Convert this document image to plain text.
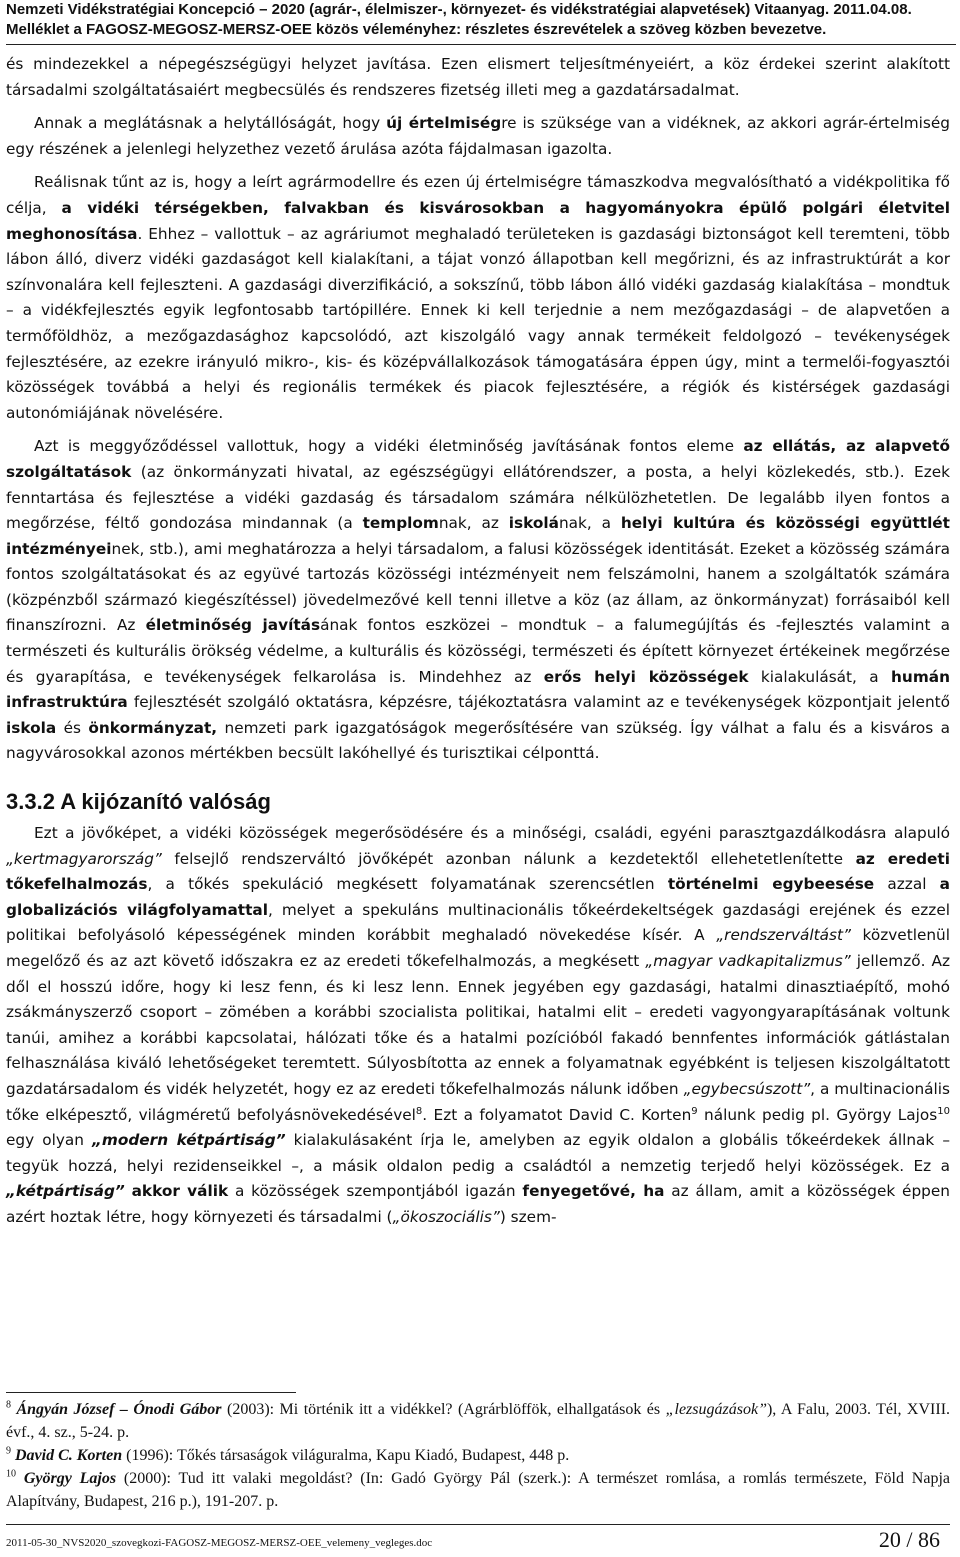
Nemzeti Vidékstratégiai Koncepció – 2020 (agrár-, élelmiszer-, környezet- és vidékstratégiai alapvetések) Vitaanyag. 2011.04.08.
Melléklet a FAGOSZ-MEGOSZ-MERSZ-OEE közös véleményhez: részletes észrevételek a szöveg közben bevezetve.

és mindezekkel a népegészségügyi helyzet javítása. Ezen elismert teljesítményeiért, a köz érdekei szerint alakított társadalmi szolgáltatásaiért megbecsülés és rendszeres fizetség illeti meg a gazdatársadalmat.

Annak a meglátásnak a helytállóságát, hogy új értelmiségre is szüksége van a vidéknek, az akkori agrár-értelmiség egy részének a jelenlegi helyzethez vezető árulása azóta fájdalmasan igazolta.

Reálisnak tűnt az is, hogy a leírt agrármodellre és ezen új értelmiségre támaszkodva megvalósítható a vidékpolitika fő célja, a vidéki térségekben, falvakban és kisvárosokban a hagyományokra épülő polgári életvitel meghonosítása. Ehhez – vallottuk – az agráriumot meghaladó területeken is gazdasági biztonságot kell teremteni, több lábon álló, diverz vidéki gazdaságot kell kialakítani, a tájat vonzó állapotban kell megőrizni, és az infrastruktúrát a kor színvonalára kell fejleszteni. A gazdasági diverzifikáció, a sokszínű, több lábon álló vidéki gazdaság kialakítása – mondtuk – a vidékfejlesztés egyik legfontosabb tartópillére. Ennek ki kell terjednie a nem mezőgazdasági – de alapvetően a termőföldhöz, a mezőgazdasághoz kapcsolódó, azt kiszolgáló vagy annak termékeit feldolgozó – tevékenységek fejlesztésére, az ezekre irányuló mikro-, kis- és középvállalkozások támogatására éppen úgy, mint a termelői-fogyasztói közösségek továbbá a helyi és regionális termékek és piacok fejlesztésére, a régiók és kistérségek gazdasági autonómiájának növelésére.

Azt is meggyőződéssel vallottuk, hogy a vidéki életminőség javításának fontos eleme az ellátás, az alapvető szolgáltatások (az önkormányzati hivatal, az egészségügyi ellátórendszer, a posta, a helyi közlekedés, stb.). Ezek fenntartása és fejlesztése a vidéki gazdaság és társadalom számára nélkülözhetetlen. De legalább ilyen fontos a megőrzése, féltő gondozása mindannak (a templomnak, az iskolának, a helyi kultúra és közösségi együttlét intézményeinek, stb.), ami meghatározza a helyi társadalom, a falusi közösségek identitását. Ezeket a közösség számára fontos szolgáltatásokat és az együvé tartozás közösségi intézményeit nem felszámolni, hanem a szolgáltatók számára (közpénzből származó kiegészítéssel) jövedelmezővé kell tenni illetve a köz (az állam, az önkormányzat) forrásaiból kell finanszírozni. Az életminőség javításának fontos eszközei – mondtuk – a falumegújítás és -fejlesztés valamint a természeti és kulturális örökség védelme, a kulturális és közösségi, természeti és épített környezet értékeinek megőrzése és gyarapítása, e tevékenységek felkarolása is. Mindehhez az erős helyi közösségek kialakulását, a humán infrastruktúra fejlesztését szolgáló oktatásra, képzésre, tájékoztatásra valamint az e tevékenységek központjait jelentő iskola és önkormányzat, nemzeti park igazgatóságok megerősítésére van szükség. Így válhat a falu és a kisváros a nagyvárosokkal azonos mértékben becsült lakóhellyé és turisztikai célponttá.

3.3.2 A kijózanító valóság

Ezt a jövőképet, a vidéki közösségek megerősödésére és a minőségi, családi, egyéni parasztgazdálkodásra alapuló „kertmagyarország” felsejlő rendszerváltó jövőképét azonban nálunk a kezdetektől ellehetetlenítette az eredeti tőkefelhalmozás, a tőkés spekuláció megkésett folyamatának szerencsétlen történelmi egybeesése azzal a globalizációs világfolyamattal, melyet a spekuláns multinacionális tőkeérdekeltségek gazdasági erejének és ezzel politikai befolyásoló képességének minden korábbit meghaladó növekedése kísér. A „rendszerváltást” közvetlenül megelőző és az azt követő időszakra ez az eredeti tőkefelhalmozás, a megkésett „magyar vadkapitalizmus” jellemző. Az dől el hosszú időre, hogy ki lesz fenn, és ki lesz lenn. Ennek jegyében egy gazdasági, hatalmi dinasztiaépítő, mohó zsákmányszerző csoport – zömében a korábbi szocialista politikai, hatalmi elit – eredeti vagyongyarapításának voltunk tanúi, amihez a korábbi kapcsolatai, hálózati tőke és a hatalmi pozícióból fakadó bennfentes információk gátlástalan felhasználása kiváló lehetőségeket teremtett. Súlyosbította az ennek a folyamatnak egyébként is teljesen kiszolgáltatott gazdatársadalom és vidék helyzetét, hogy ez az eredeti tőkefelhalmozás nálunk időben „egybecsúszott”, a multinacionális tőke elképesztő, világméretű befolyásnövekedésével$^8$. Ezt a folyamatot David C. Korten$^9$ nálunk pedig pl. György Lajos$^{10}$ egy olyan „modern kétpártiság” kialakulásaként írja le, amelyben az egyik oldalon a globális tőkeérdekek állnak – tegyük hozzá, helyi rezidenseikkel –, a másik oldalon pedig a családtól a nemzetig terjedő helyi közösségek. Ez a „kétpártiság” akkor válik a közösségek szempontjából igazán fenyegetővé, ha az állam, amit a közösségek éppen azért hoztak létre, hogy környezeti és társadalmi („ökoszociális”) szem-

$^8$ Ángyán József – Ónodi Gábor (2003): Mi történik itt a vidékkel? (Agrárblöffök, elhallgatások és „lezsugázások”), A Falu, 2003. Tél, XVIII. évf., 4. sz., 5-24. p.
$^9$ David C. Korten (1996): Tőkés társaságok világuralma, Kapu Kiadó, Budapest, 448 p.
$^{10}$ György Lajos (2000): Tud itt valaki megoldást? (In: Gadó György Pál (szerk.): A természet romlása, a romlás természete, Föld Napja Alapítvány, Budapest, 216 p.), 191-207. p.
2011-05-30_NVS2020_szovegkozi-FAGOSZ-MEGOSZ-MERSZ-OEE_velemeny_vegleges.doc	20 / 86
